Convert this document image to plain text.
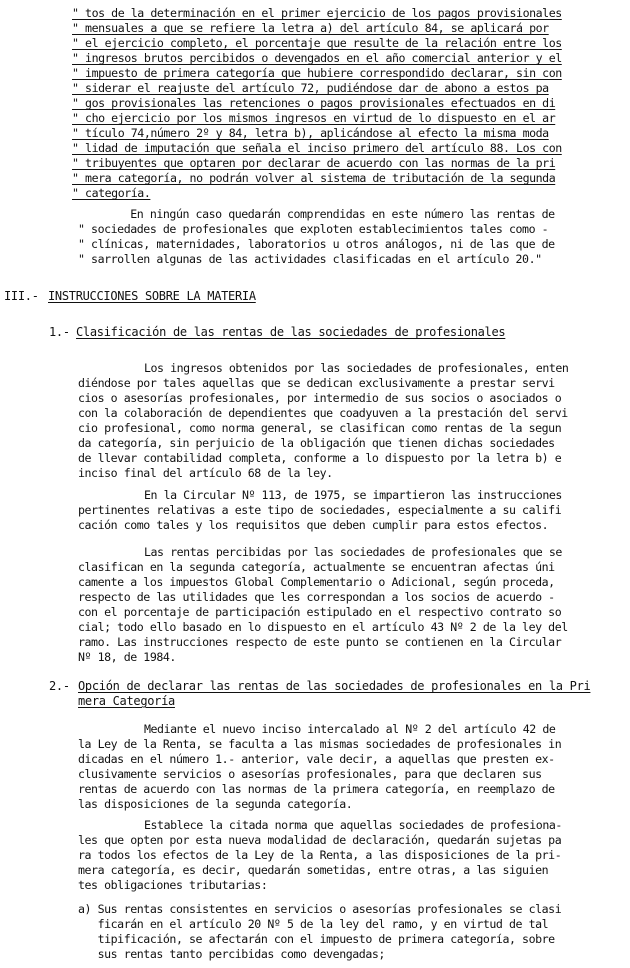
" tos de la determinación en el primer ejercicio de los pagos provisionales
" mensuales a que se refiere la letra a) del artículo 84, se aplicará por
" el ejercicio completo, el porcentaje que resulte de la relación entre los
" ingresos brutos percibidos o devengados en el año comercial anterior y el
" impuesto de primera categoría que hubiere correspondido declarar, sin con
" siderar el reajuste del artículo 72, pudiéndose dar de abono a estos pa
" gos provisionales las retenciones o pagos provisionales efectuados en di
" cho ejercicio por los mismos ingresos en virtud de lo dispuesto en el ar
" tículo 74,número 2º y 84, letra b), aplicándose al efecto la misma moda
" lidad de imputación que señala el inciso primero del artículo 88. Los con
" tribuyentes que optaren por declarar de acuerdo con las normas de la pri
" mera categoría, no podrán volver al sistema de tributación de la segunda
" categoría.
En ningún caso quedarán comprendidas en este número las rentas de
" sociedades de profesionales que exploten establecimientos tales como -
" clínicas, maternidades, laboratorios u otros análogos, ni de las que de
" sarrollen algunas de las actividades clasificadas en el artículo 20."
III.- INSTRUCCIONES SOBRE LA MATERIA
1.- Clasificación de las rentas de las sociedades de profesionales
Los ingresos obtenidos por las sociedades de profesionales, enten
diéndose por tales aquellas que se dedican exclusivamente a prestar servi
cios o asesorías profesionales, por intermedio de sus socios o asociados o
con la colaboración de dependientes que coadyuven a la prestación del servi
cio profesional, como norma general, se clasifican como rentas de la segun
da categoría, sin perjuicio de la obligación que tienen dichas sociedades
de llevar contabilidad completa, conforme a lo dispuesto por la letra b) e
inciso final del artículo 68 de la ley.
En la Circular Nº 113, de 1975, se impartieron las instrucciones
pertinentes relativas a este tipo de sociedades, especialmente a su califi
cación como tales y los requisitos que deben cumplir para estos efectos.
Las rentas percibidas por las sociedades de profesionales que se
clasifican en la segunda categoría, actualmente se encuentran afectas úni
camente a los impuestos Global Complementario o Adicional, según proceda,
respecto de las utilidades que les correspondan a los socios de acuerdo -
con el porcentaje de participación estipulado en el respectivo contrato so
cial; todo ello basado en lo dispuesto en el artículo 43 Nº 2 de la ley del
ramo. Las instrucciones respecto de este punto se contienen en la Circular
Nº 18, de 1984.
2.- Opción de declarar las rentas de las sociedades de profesionales en la Pri
mera Categoría
Mediante el nuevo inciso intercalado al Nº 2 del artículo 42 de
la Ley de la Renta, se faculta a las mismas sociedades de profesionales in
dicadas en el número 1.- anterior, vale decir, a aquellas que presten ex-
clusivamente servicios o asesorías profesionales, para que declaren sus
rentas de acuerdo con las normas de la primera categoría, en reemplazo de
las disposiciones de la segunda categoría.
Establece la citada norma que aquellas sociedades de profesiona-
les que opten por esta nueva modalidad de declaración, quedarán sujetas pa
ra todos los efectos de la Ley de la Renta, a las disposiciones de la pri-
mera categoría, es decir, quedarán sometidas, entre otras, a las siguien
tes obligaciones tributarias:
a) Sus rentas consistentes en servicios o asesorías profesionales se clasi
ficarán en el artículo 20 Nº 5 de la ley del ramo, y en virtud de tal
tipificación, se afectarán con el impuesto de primera categoría, sobre
sus rentas tanto percibidas como devengadas;
